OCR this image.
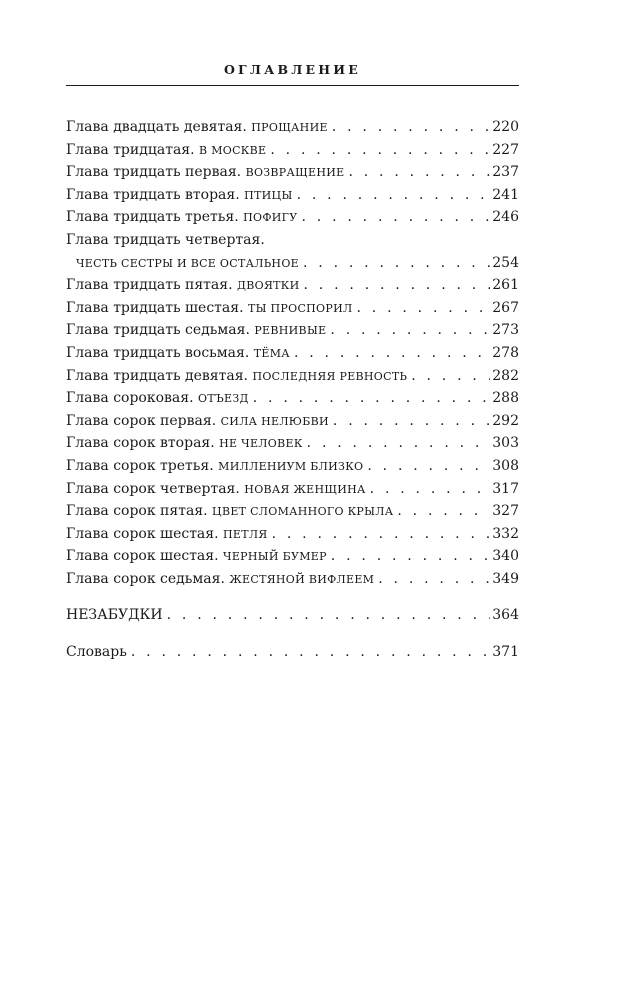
ОГЛАВЛЕНИЕ
Глава двадцать девятая. ПРОЩАНИЕ . . .	220
Глава тридцатая. В МОСКВЕ . . .	227
Глава тридцать первая. ВОЗВРАЩЕНИЕ . . .	237
Глава тридцать вторая. ПТИЦЫ . . .	241
Глава тридцать третья. ПОФИГУ . . .	246
Глава тридцать четвертая.
ЧЕСТЬ СЕСТРЫ И ВСЕ ОСТАЛЬНОЕ . . .	254
Глава тридцать пятая. ДВОЯТКИ . . .	261
Глава тридцать шестая. ТЫ ПРОСПОРИЛ . . .	267
Глава тридцать седьмая. РЕВНИВЫЕ . . .	273
Глава тридцать восьмая. ТЁМА . . .	278
Глава тридцать девятая. ПОСЛЕДНЯЯ РЕВНОСТЬ . . .	282
Глава сороковая. ОТЪЕЗД . . .	288
Глава сорок первая. СИЛА НЕЛЮБВИ . . .	292
Глава сорок вторая. НЕ ЧЕЛОВЕК . . .	303
Глава сорок третья. МИЛЛЕНИУМ БЛИЗКО . . .	308
Глава сорок четвертая. НОВАЯ ЖЕНЩИНА . . .	317
Глава сорок пятая. ЦВЕТ СЛОМАННОГО КРЫЛА . . .	327
Глава сорок шестая. ПЕТЛЯ . . .	332
Глава сорок шестая. ЧЕРНЫЙ БУМЕР . . .	340
Глава сорок седьмая. ЖЕСТЯНОЙ ВИФЛЕЕМ . . .	349
НЕЗАБУДКИ . . .	364
Словарь . . .	371
